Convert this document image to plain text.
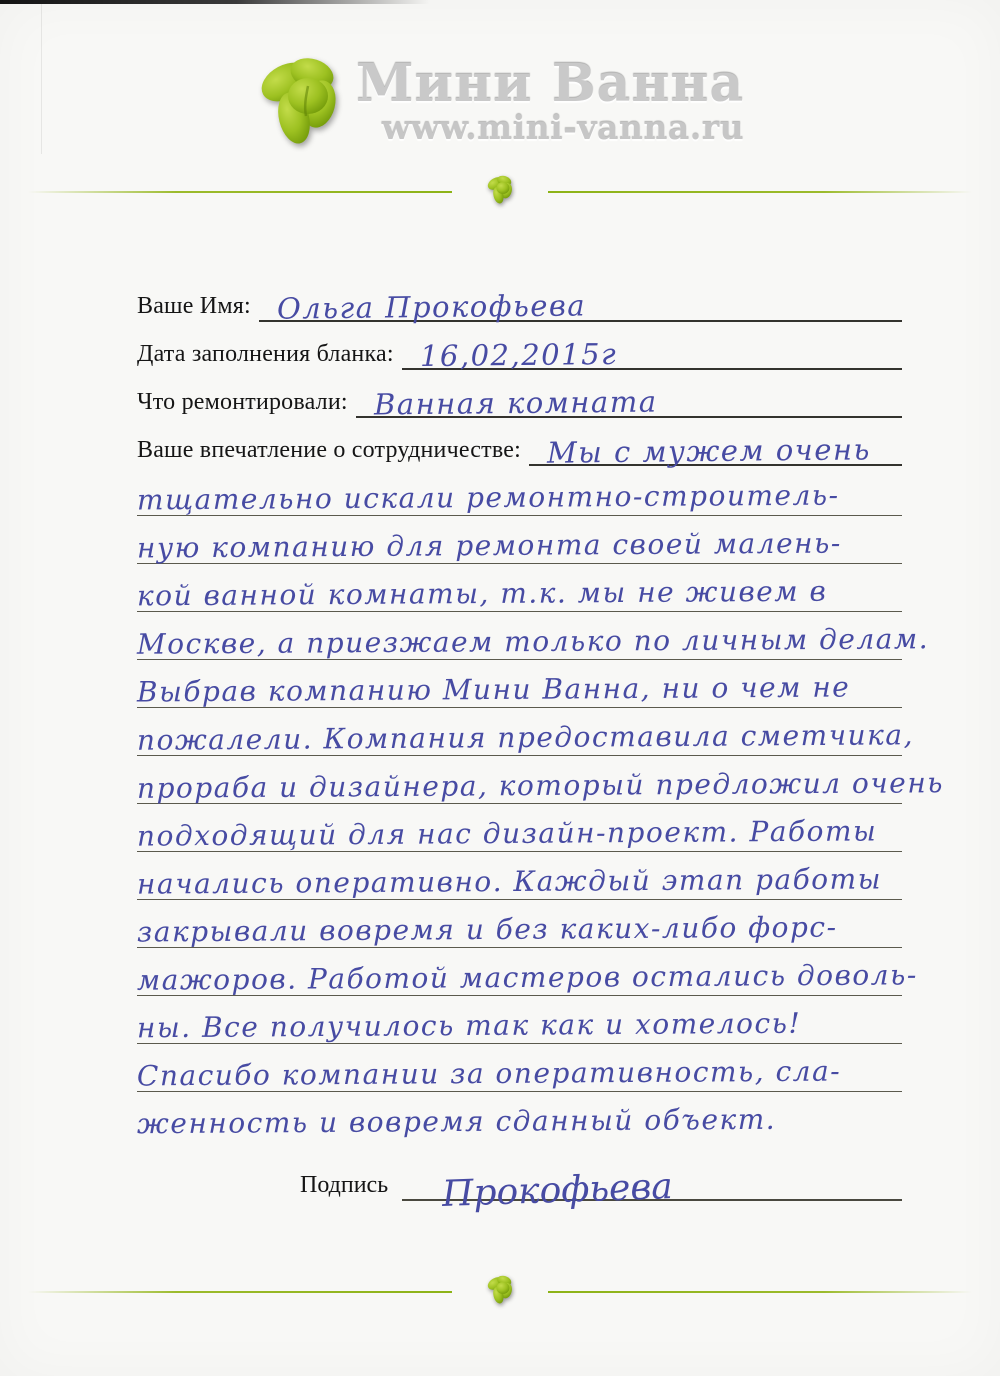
Мини Ванна
www.mini-vanna.ru
Ваше Имя: Ольга Прокофьева
Дата заполнения бланка: 16,02,2015г
Что ремонтировали: Ванная комната
Ваше впечатление о сотрудничестве: Мы с мужем очень
тщательно искали ремонтно-строитель-
ную компанию для ремонта своей малень-
кой ванной комнаты, т.к. мы не живем в
Москве, а приезжаем только по личным делам.
Выбрав компанию Мини Ванна, ни о чем не
пожалели. Компания предоставила сметчика,
прораба и дизайнера, который предложил очень
подходящий для нас дизайн-проект. Работы
начались оперативно. Каждый этап работы
закрывали вовремя и без каких-либо форс-
мажоров. Работой мастеров остались доволь-
ны. Все получилось так как и хотелось!
Спасибо компании за оперативность, сла-
женность и вовремя сданный объект.
Подпись Прокофьева
